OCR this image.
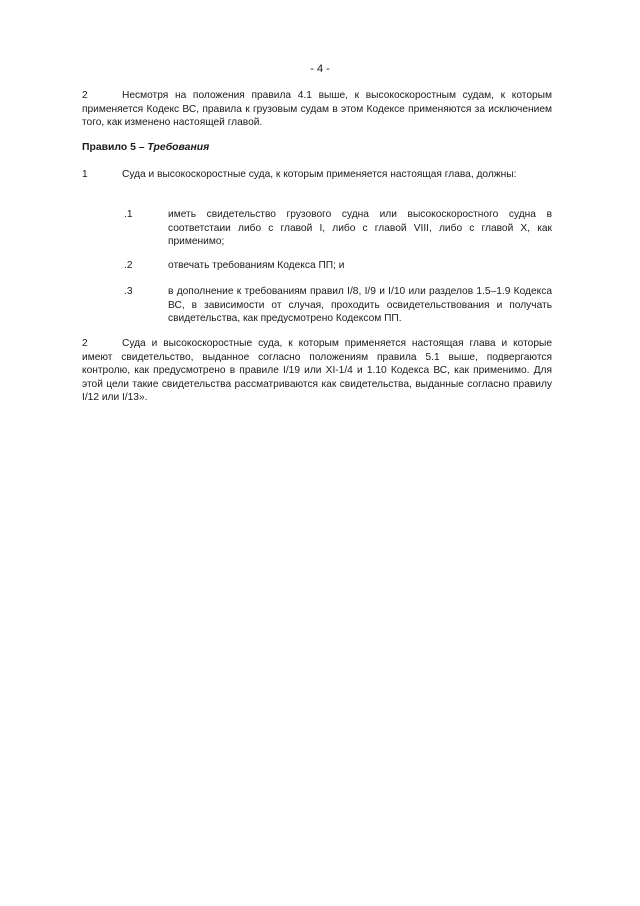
- 4 -
2	Несмотря на положения правила 4.1 выше, к высокоскоростным судам, к которым применяется Кодекс ВС, правила к грузовым судам в этом Кодексе применяются за исключением того, как изменено настоящей главой.
Правило 5 – Требования
1	Суда и высокоскоростные суда, к которым применяется настоящая глава, должны:
.1	иметь свидетельство грузового судна или высокоскоростного судна в соответстаии либо с главой I, либо с главой VIII, либо с главой X, как применимо;
.2	отвечать требованиям Кодекса ПП; и
.3	в дополнение к требованиям правил I/8, I/9 и I/10 или разделов 1.5–1.9 Кодекса ВС, в зависимости от случая, проходить освидетельствования и получать свидетельства, как предусмотрено Кодексом ПП.
2	Суда и высокоскоростные суда, к которым применяется настоящая глава и которые имеют свидетельство, выданное согласно положениям правила 5.1 выше, подвергаются контролю, как предусмотрено в правиле I/19 или XI-1/4 и 1.10 Кодекса ВС, как применимо. Для этой цели такие свидетельства рассматриваются как свидетельства, выданные согласно правилу I/12 или I/13».
